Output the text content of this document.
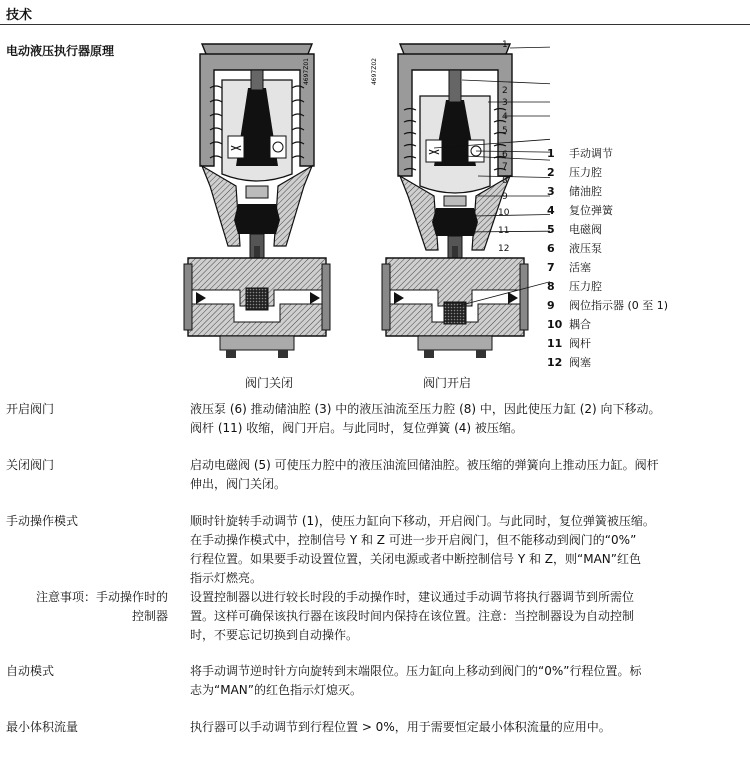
技术
电动液压执行器原理
4697Z01	4697Z02
1
2
3
4
5
6
7
8
9
10
11
12
阀门关闭	阀门开启
1 手动调节
2 压力腔
3 储油腔
4 复位弹簧
5 电磁阀
6 液压泵
7 活塞
8 压力腔
9 阀位指示器 (0 至 1)
10 耦合
11 阀杆
12 阀塞
开启阀门	液压泵 (6) 推动储油腔 (3) 中的液压油流至压力腔 (8) 中，因此使压力缸 (2) 向下移动。
阀杆 (11) 收缩，阀门开启。与此同时，复位弹簧 (4) 被压缩。
关闭阀门	启动电磁阀 (5) 可使压力腔中的液压油流回储油腔。被压缩的弹簧向上推动压力缸。阀杆
伸出，阀门关闭。
手动操作模式	顺时针旋转手动调节 (1)，使压力缸向下移动，开启阀门。与此同时，复位弹簧被压缩。
在手动操作模式中，控制信号 Y 和 Z 可进一步开启阀门，但不能移动到阀门的“0%”
行程位置。如果要手动设置位置，关闭电源或者中断控制信号 Y 和 Z，则“MAN”红色
指示灯燃亮。
注意事项：手动操作时的
控制器
设置控制器以进行较长时段的手动操作时，建议通过手动调节将执行器调节到所需位
置。这样可确保该执行器在该段时间内保持在该位置。注意：当控制器设为自动控制
时，不要忘记切换到自动操作。
自动模式	将手动调节逆时针方向旋转到末端限位。压力缸向上移动到阀门的“0%”行程位置。标
志为“MAN”的红色指示灯熄灭。
最小体积流量	执行器可以手动调节到行程位置 > 0%，用于需要恒定最小体积流量的应用中。
